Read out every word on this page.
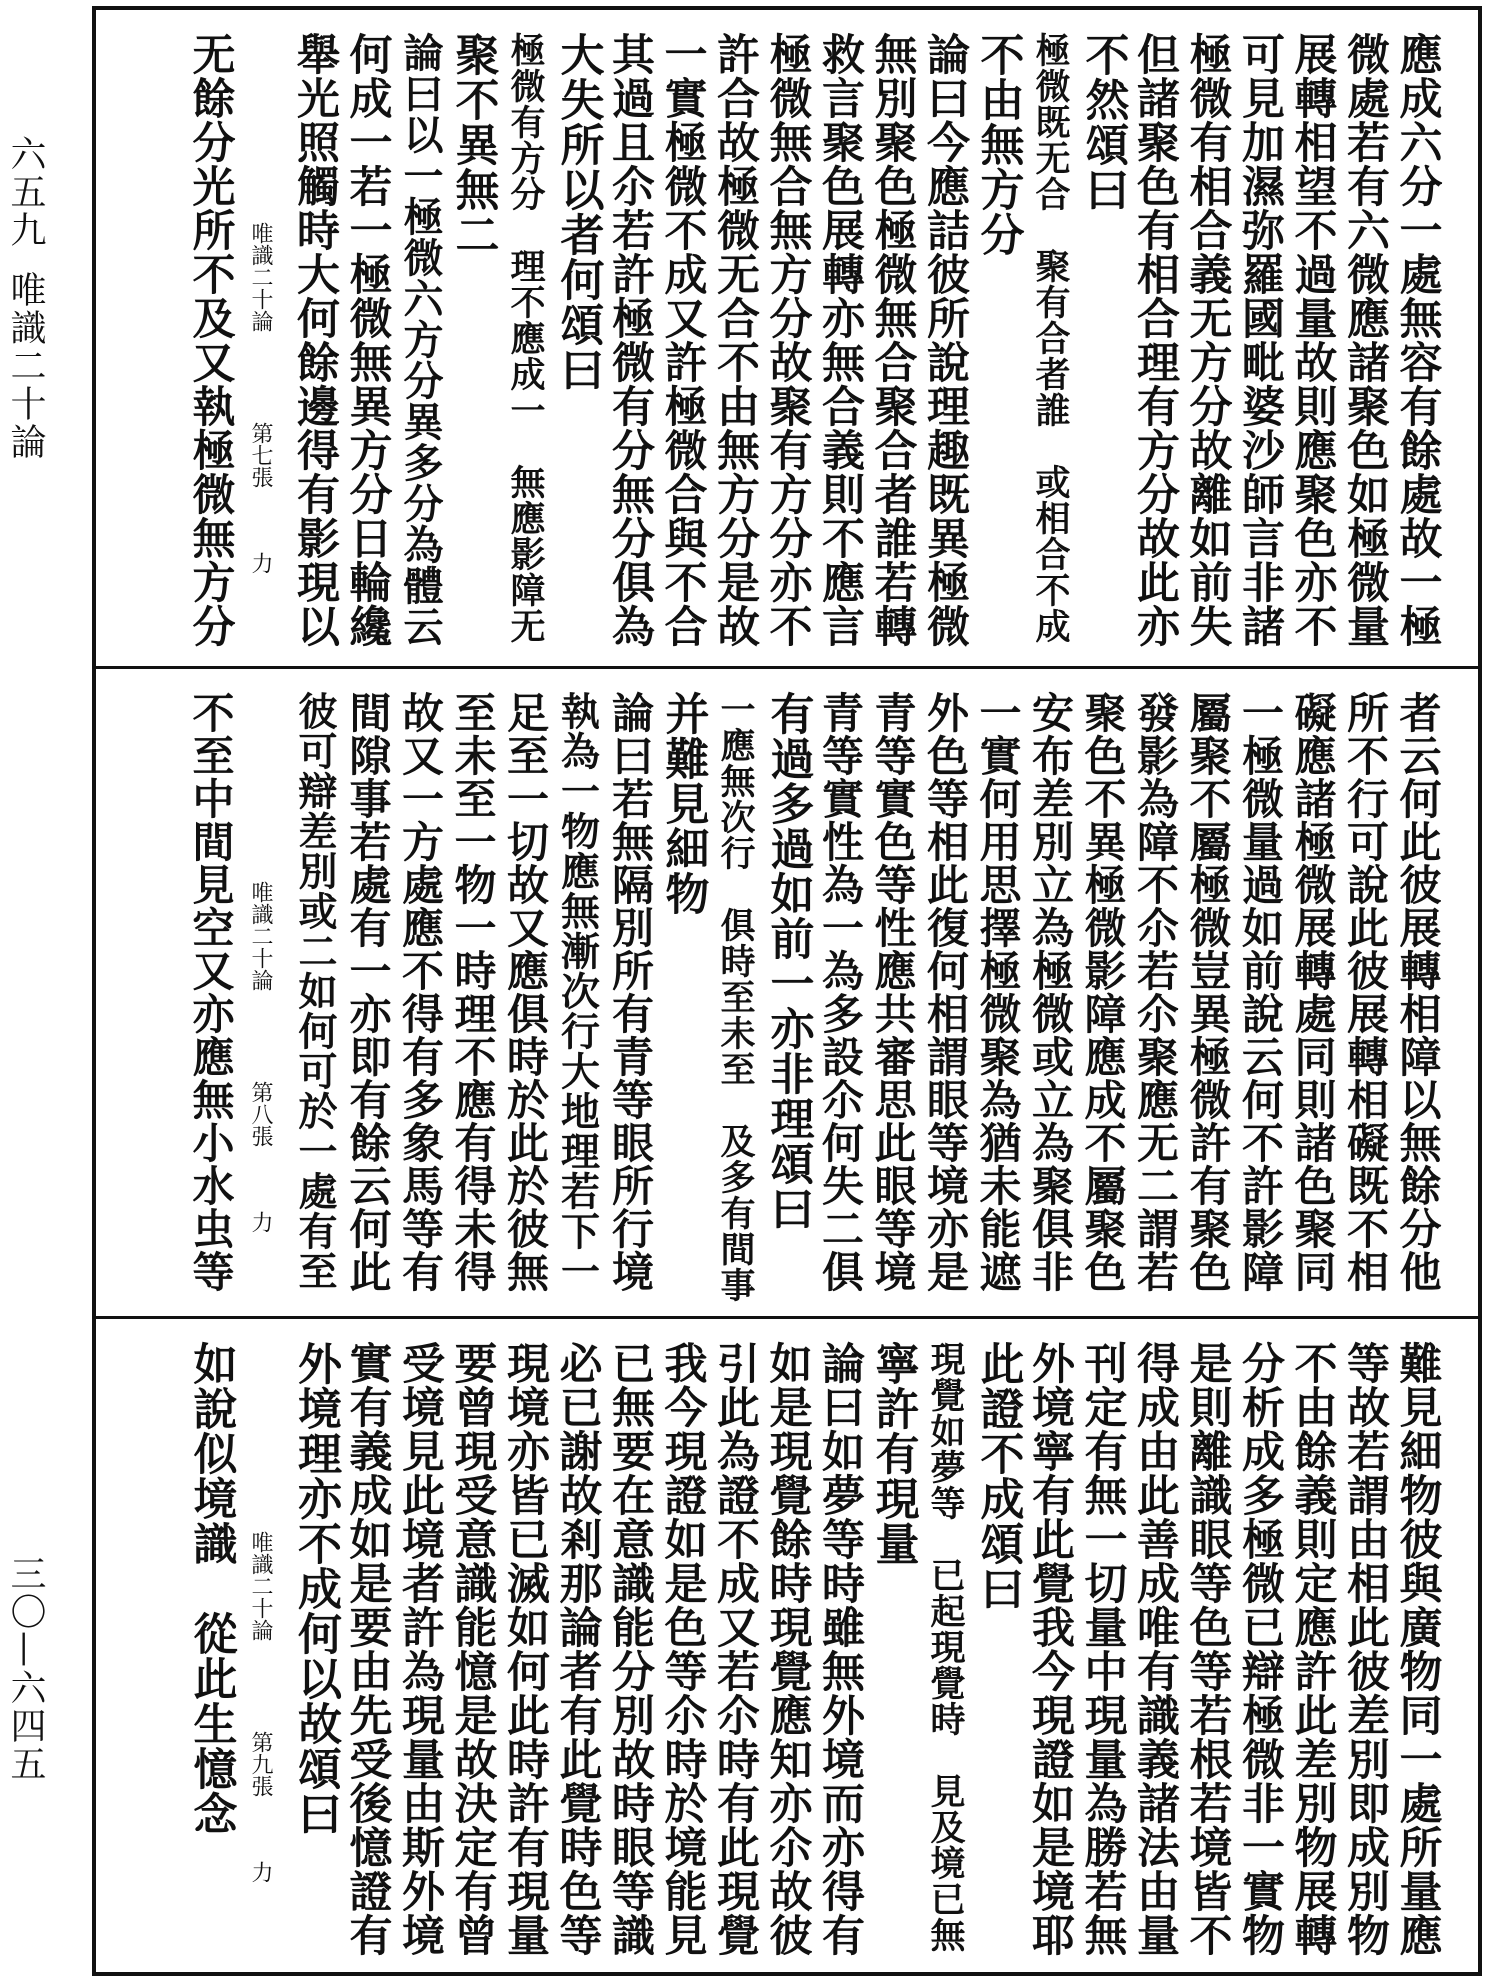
六五九唯識二十論
三〇—六四五
應成六分一處無容有餘處故一極
微處若有六微應諸聚色如極微量
展轉相望不過量故則應聚色亦不
可見加濕弥羅國毗婆沙師言非諸
極微有相合義无方分故離如前失
但諸聚色有相合理有方分故此亦
不然頌曰
極微既无合　聚有合者誰　或相合不成
不由無方分
論曰今應詰彼所說理趣既異極微
無別聚色極微無合聚合者誰若轉
救言聚色展轉亦無合義則不應言
極微無合無方分故聚有方分亦不
許合故極微无合不由無方分是故
一實極微不成又許極微合與不合
其過且尒若許極微有分無分俱為
大失所以者何頌曰
極微有方分　理不應成一　無應影障无
聚不異無二
論曰以一極微六方分異多分為體云
何成一若一極微無異方分日輪纔
舉光照觸時大何餘邊得有影現以
唯識二十論
第七張
力
无餘分光所不及又執極微無方分
者云何此彼展轉相障以無餘分他
所不行可說此彼展轉相礙既不相
礙應諸極微展轉處同則諸色聚同
一極微量過如前說云何不許影障
屬聚不屬極微豈異極微許有聚色
發影為障不尒若尒聚應无二謂若
聚色不異極微影障應成不屬聚色
安布差別立為極微或立為聚俱非
一實何用思擇極微聚為猶未能遮
外色等相此復何相謂眼等境亦是
青等實色等性應共審思此眼等境
青等實性為一為多設尒何失二俱
有過多過如前一亦非理頌曰
一應無次行　俱時至未至　及多有間事
并難見細物
論曰若無隔別所有青等眼所行境
執為一物應無漸次行大地理若下一
足至一切故又應俱時於此於彼無
至未至一物一時理不應有得未得
故又一方處應不得有多象馬等有
間隙事若處有一亦即有餘云何此
彼可辯差別或二如何可於一處有至
唯識二十論
第八張
力
不至中間見空又亦應無小水虫等
難見細物彼與廣物同一處所量應
等故若謂由相此彼差別即成別物
不由餘義則定應許此差別物展轉
分析成多極微已辯極微非一實物
是則離識眼等色等若根若境皆不
得成由此善成唯有識義諸法由量
刊定有無一切量中現量為勝若無
外境寧有此覺我今現證如是境耶
此證不成頌曰
現覺如夢等　已起現覺時　見及境已無
寧許有現量
論曰如夢等時雖無外境而亦得有
如是現覺餘時現覺應知亦尒故彼
引此為證不成又若尒時有此現覺
我今現證如是色等尒時於境能見
已無要在意識能分別故時眼等識
必已謝故剎那論者有此覺時色等
現境亦皆已滅如何此時許有現量
要曾現受意識能憶是故決定有曾
受境見此境者許為現量由斯外境
實有義成如是要由先受後憶證有
外境理亦不成何以故頌曰
唯識二十論
第九張
力
如說似境識　從此生憶念
